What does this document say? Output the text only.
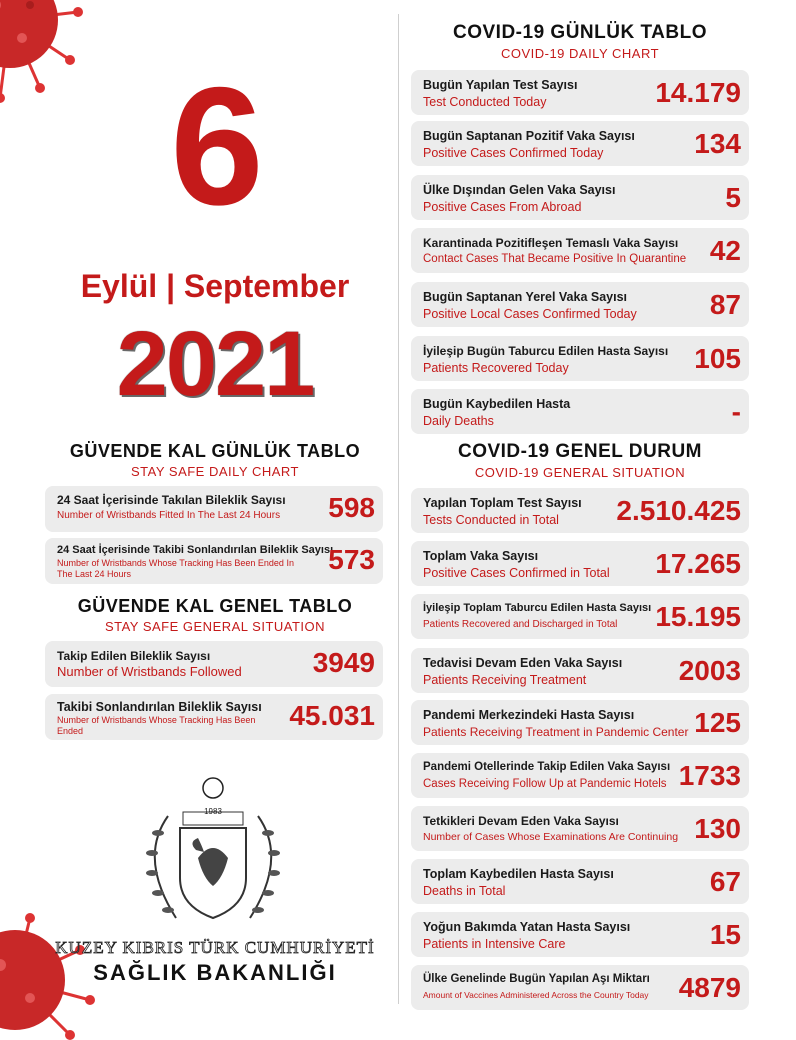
6
Eylül | September
2021
GÜVENDE KAL GÜNLÜK TABLO
STAY SAFE DAILY CHART
24 Saat İçerisinde Takılan Bileklik Sayısı
Number of Wristbands Fitted In The Last 24 Hours 598
24 Saat İçerisinde Takibi Sonlandırılan Bileklik Sayısı
Number of Wristbands Whose Tracking Has Been Ended In The Last 24 Hours	573
GÜVENDE KAL GENEL TABLO
STAY SAFE GENERAL SITUATION
Takip Edilen Bileklik Sayısı
Number of Wristbands Followed	3949
Takibi Sonlandırılan Bileklik Sayısı
Number of Wristbands Whose Tracking Has Been Ended	45.031
1983
KUZEY KIBRIS TÜRK CUMHURİYETİ
SAĞLIK BAKANLIĞI
COVID-19 GÜNLÜK TABLO
COVID-19 DAILY CHART
Bugün Yapılan Test Sayısı
Test Conducted Today	14.179
Bugün Saptanan Pozitif Vaka Sayısı
Positive Cases Confirmed Today	134
Ülke Dışından Gelen Vaka Sayısı
Positive Cases From Abroad	5
Karantinada Pozitifleşen Temaslı Vaka Sayısı
Contact Cases That Became Positive In Quarantine 42
Bugün Saptanan Yerel Vaka Sayısı
Positive Local Cases Confirmed Today	87
İyileşip Bugün Taburcu Edilen Hasta Sayısı
Patients Recovered Today	105
Bugün Kaybedilen Hasta
Daily Deaths	-
COVID-19 GENEL DURUM
COVID-19 GENERAL SITUATION
Yapılan Toplam Test Sayısı
Tests Conducted in Total 2.510.425
Toplam Vaka Sayısı
Positive Cases Confirmed in Total 17.265
İyileşip Toplam Taburcu Edilen Hasta Sayısı
Patients Recovered and Discharged in Total 15.195
Tedavisi Devam Eden Vaka Sayısı
Patients Receiving Treatment	2003
Pandemi Merkezindeki Hasta Sayısı
Patients Receiving Treatment in Pandemic Center 125
Pandemi Otellerinde Takip Edilen Vaka Sayısı
Cases Receiving Follow Up at Pandemic Hotels 1733
Tetkikleri Devam Eden Vaka Sayısı
Number of Cases Whose Examinations Are Continuing 130
Toplam Kaybedilen Hasta Sayısı
Deaths in Total	67
Yoğun Bakımda Yatan Hasta Sayısı
Patients in Intensive Care	15
Ülke Genelinde Bugün Yapılan Aşı Miktarı
Amount of Vaccines Administered Across the Country Today 4879
